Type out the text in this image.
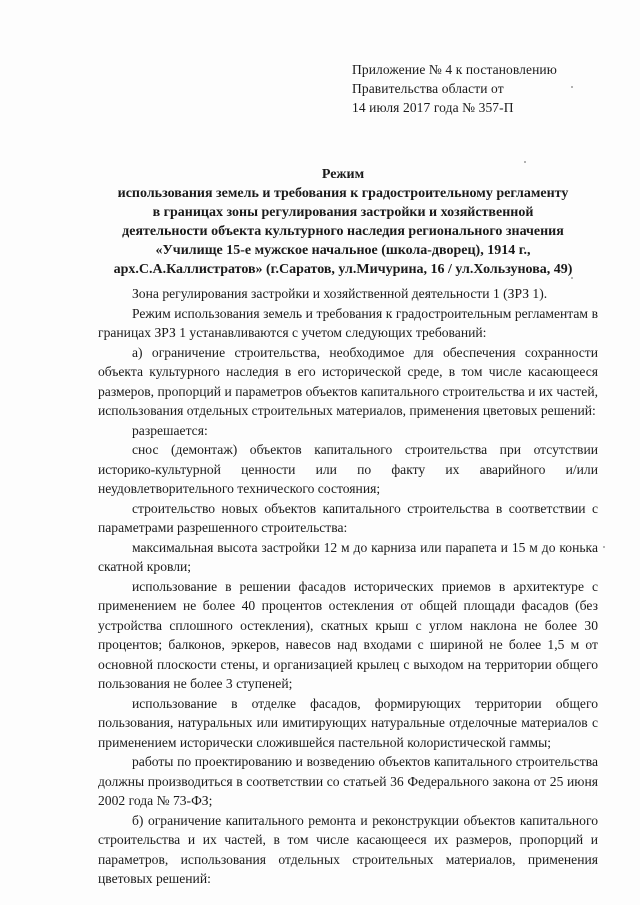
Приложение № 4 к постановлению
Правительства области от
14 июля 2017 года № 357-П
Режим
использования земель и требования к градостроительному регламенту
в границах зоны регулирования застройки и хозяйственной
деятельности объекта культурного наследия регионального значения
«Училище 15-е мужское начальное (школа-дворец), 1914 г.,
арх.С.А.Каллистратов» (г.Саратов, ул.Мичурина, 16 / ул.Хользунова, 49)

Зона регулирования застройки и хозяйственной деятельности 1 (ЗРЗ 1).

Режим использования земель и требования к градостроительным регламентам в границах ЗРЗ 1 устанавливаются с учетом следующих требований:

а) ограничение строительства, необходимое для обеспечения сохранности объекта культурного наследия в его исторической среде, в том числе касающееся размеров, пропорций и параметров объектов капитального строительства и их частей, использования отдельных строительных материалов, применения цветовых решений:

разрешается:

снос (демонтаж) объектов капитального строительства при отсутствии историко-культурной ценности или по факту их аварийного и/или неудовлетворительного технического состояния;

строительство новых объектов капитального строительства в соответствии с параметрами разрешенного строительства:

максимальная высота застройки 12 м до карниза или парапета и 15 м до конька скатной кровли;

использование в решении фасадов исторических приемов в архитектуре с применением не более 40 процентов остекления от общей площади фасадов (без устройства сплошного остекления), скатных крыш с углом наклона не более 30 процентов; балконов, эркеров, навесов над входами с шириной не более 1,5 м от основной плоскости стены, и организацией крылец с выходом на территории общего пользования не более 3 ступеней;

использование в отделке фасадов, формирующих территории общего пользования, натуральных или имитирующих натуральные отделочные материалов с применением исторически сложившейся пастельной колористической гаммы;

работы по проектированию и возведению объектов капитального строительства должны производиться в соответствии со статьей 36 Федерального закона от 25 июня 2002 года № 73-ФЗ;

б) ограничение капитального ремонта и реконструкции объектов капитального строительства и их частей, в том числе касающееся их размеров, пропорций и параметров, использования отдельных строительных материалов, применения цветовых решений:
